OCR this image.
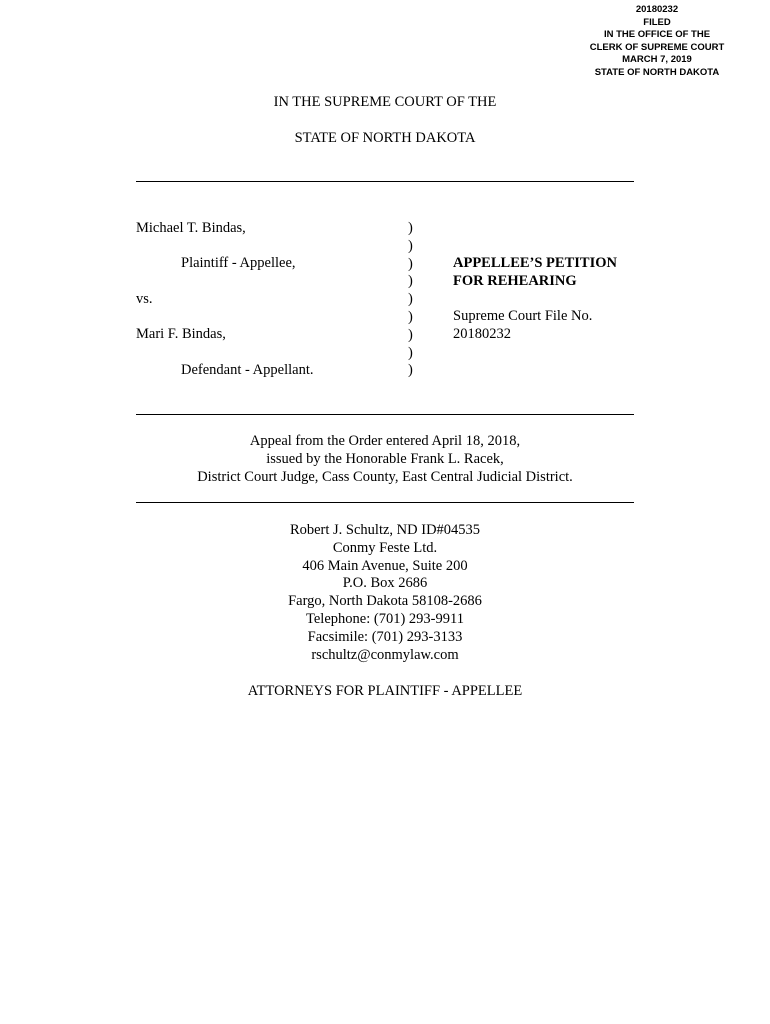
20180232
FILED
IN THE OFFICE OF THE
CLERK OF SUPREME COURT
MARCH 7, 2019
STATE OF NORTH DAKOTA
IN THE SUPREME COURT OF THE
STATE OF NORTH DAKOTA
Michael T. Bindas,
Plaintiff - Appellee,
vs.
Mari F. Bindas,
Defendant - Appellant.
)
)
)
)
)
)
)
)
)
APPELLEE’S PETITION
FOR REHEARING
Supreme Court File No.
20180232
Appeal from the Order entered April 18, 2018,
issued by the Honorable Frank L. Racek,
District Court Judge, Cass County, East Central Judicial District.
Robert J. Schultz, ND ID#04535
Conmy Feste Ltd.
406 Main Avenue, Suite 200
P.O. Box 2686
Fargo, North Dakota 58108-2686
Telephone: (701) 293-9911
Facsimile: (701) 293-3133
rschultz@conmylaw.com
ATTORNEYS FOR PLAINTIFF - APPELLEE
